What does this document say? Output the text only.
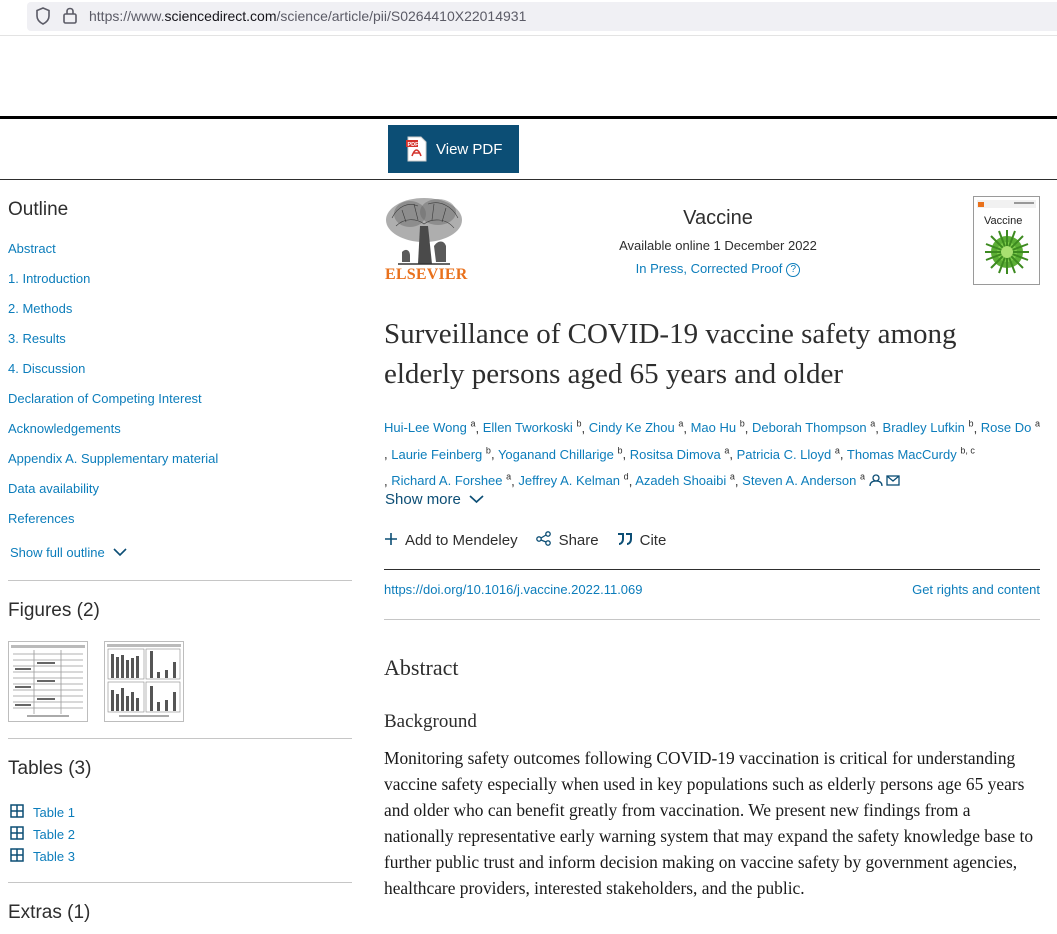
https://www.sciencedirect.com/science/article/pii/S0264410X22014931
PDF View PDF
Outline
Abstract
1. Introduction
2. Methods
3. Results
4. Discussion
Declaration of Competing Interest
Acknowledgements
Appendix A. Supplementary material
Data availability
References
Show full outline
Figures (2)
Tables (3)
Table 1
Table 2
Table 3
Extras (1)
ELSEVIER
Vaccine
Available online 1 December 2022
In Press, Corrected Proof ?
Vaccine
Surveillance of COVID-19 vaccine safety among elderly persons aged 65 years and older
Hui-Lee Wong $^a$, Ellen Tworkoski $^b$, Cindy Ke Zhou $^a$, Mao Hu $^b$, Deborah Thompson $^a$, Bradley Lufkin $^b$, Rose Do $^a$
, Laurie Feinberg $^b$, Yoganand Chillarige $^b$, Rositsa Dimova $^a$, Patricia C. Lloyd $^a$, Thomas MacCurdy $^{b, c}$
, Richard A. Forshee $^a$, Jeffrey A. Kelman $^d$, Azadeh Shoaibi $^a$, Steven A. Anderson $^a$
Show more
Add to Mendeley	Share	Cite
https://doi.org/10.1016/j.vaccine.2022.11.069	Get rights and content
Abstract
Background

Monitoring safety outcomes following COVID-19 vaccination is critical for understanding vaccine safety especially when used in key populations such as elderly persons age 65 years and older who can benefit greatly from vaccination. We present new findings from a nationally representative early warning system that may expand the safety knowledge base to further public trust and inform decision making on vaccine safety by government agencies, healthcare providers, interested stakeholders, and the public.
